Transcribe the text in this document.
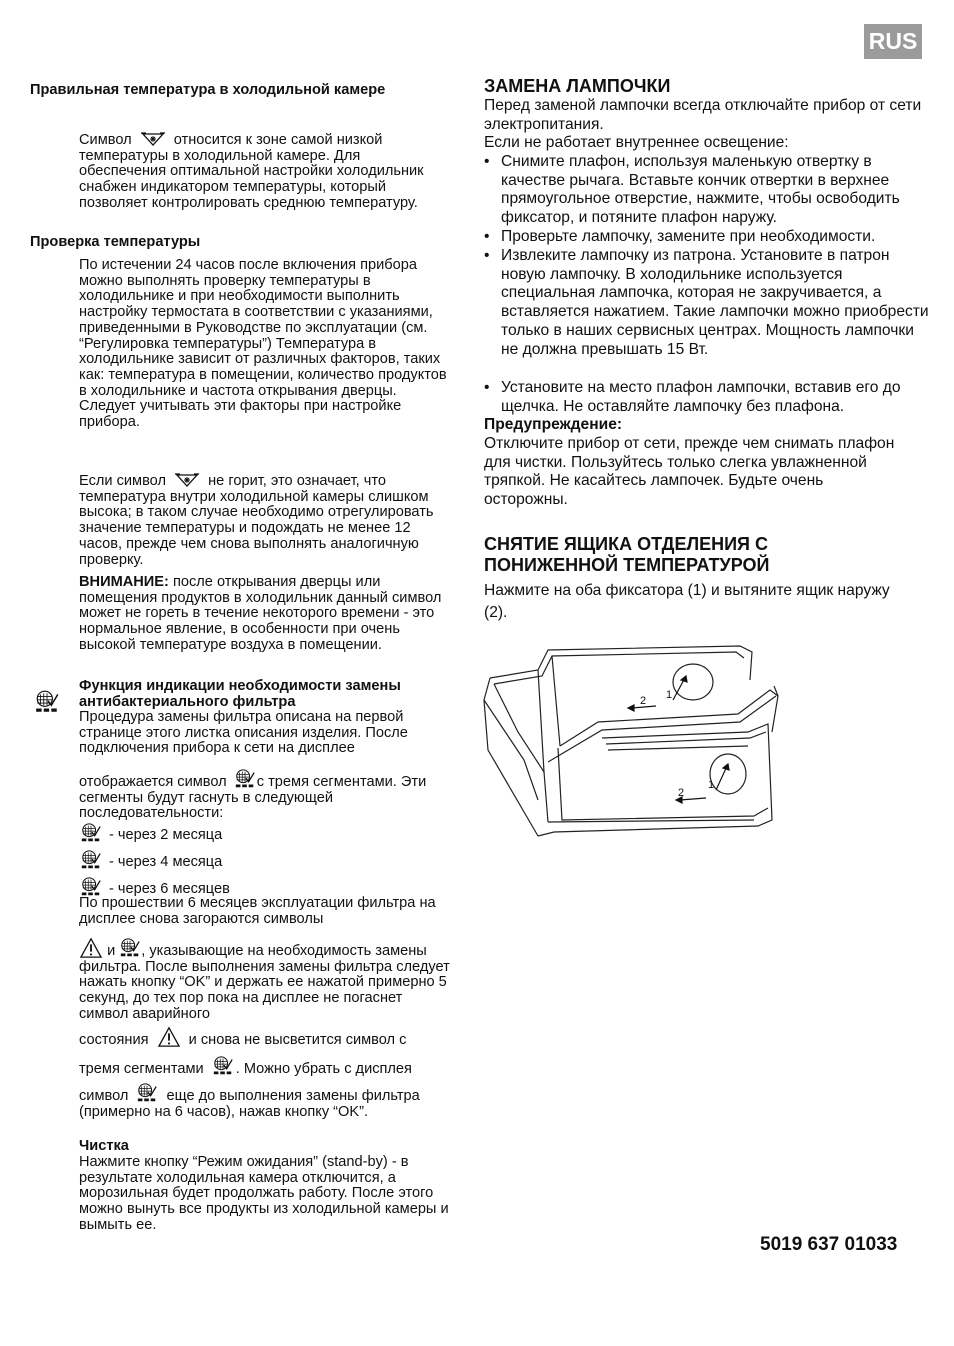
RUS
Правильная температура в холодильной камере
Символ	относится к зоне самой низкой температуры в холодильной камере. Для обеспечения оптимальной настройки холодильник снабжен индикатором температуры, который позволяет контролировать среднюю температуру.
Проверка температуры
По истечении 24 часов после включения прибора можно выполнять проверку температуры в холодильнике и при необходимости выполнить настройку термостата в соответствии с указаниями, приведенными в Руководстве по эксплуатации (см. “Регулировка температуры”) Температура в холодильнике зависит от различных факторов, таких как: температура в помещении, количество продуктов в холодильнике и частота открывания дверцы. Следует учитывать эти факторы при настройке прибора.
Если символ	не горит, это означает, что температура внутри холодильной камеры слишком высока; в таком случае необходимо отрегулировать значение температуры и подождать не менее 12 часов, прежде чем снова выполнять аналогичную проверку.
ВНИМАНИЕ: после открывания дверцы или помещения продуктов в холодильник данный символ может не гореть в течение некоторого времени - это нормальное явление, в особенности при очень высокой температуре воздуха в помещении.
Функция индикации необходимости замены антибактериального фильтра
Процедура замены фильтра описана на первой странице этого листка описания изделия. После подключения прибора к сети на дисплее
отображается символ с тремя сегментами. Эти сегменты будут гаснуть в следующей последовательности:
- через 2 месяца
- через 4 месяца
- через 6 месяцев
По прошествии 6 месяцев эксплуатации фильтра на дисплее снова загораются символы
и , указывающие на необходимость замены фильтра. После выполнения замены фильтра следует нажать кнопку “OK” и держать ее нажатой примерно 5 секунд, до тех пор пока на дисплее не погаснет символ аварийного
состояния	и снова не высветится символ с
тремя сегментами . Можно убрать с дисплея
символ	еще до выполнения замены фильтра (примерно на 6 часов), нажав кнопку “OK”.
Чистка
Нажмите кнопку “Режим ожидания” (stand-by) - в результате холодильная камера отключится, а морозильная будет продолжать работу. После этого можно вынуть все продукты из холодильной камеры и вымыть ее.
ЗАМЕНА ЛАМПОЧКИ
Перед заменой лампочки всегда отключайте прибор от сети электропитания.
Если не работает внутреннее освещение:
• Снимите плафон, используя маленькую отвертку в качестве рычага. Вставьте кончик отвертки в верхнее прямоугольное отверстие, нажмите, чтобы освободить фиксатор, и потяните плафон наружу.
• Проверьте лампочку, замените при необходимости.
• Извлеките лампочку из патрона. Установите в патрон новую лампочку. В холодильнике используется специальная лампочка, которая не закручивается, а вставляется нажатием. Такие лампочки можно приобрести только в наших сервисных центрах. Мощность лампочки не должна превышать 15 Вт.
• Установите на место плафон лампочки, вставив его до щелчка. Не оставляйте лампочку без плафона.
Предупреждение:
Отключите прибор от сети, прежде чем снимать плафон для чистки. Пользуйтесь только слегка увлажненной тряпкой. Не касайтесь лампочек. Будьте очень осторожны.
СНЯТИЕ ЯЩИКА ОТДЕЛЕНИЯ С
ПОНИЖЕННОЙ ТЕМПЕРАТУРОЙ
Нажмите на оба фиксатора (1) и вытяните ящик наружу (2).
1
2
1
2
5019 637 01033
